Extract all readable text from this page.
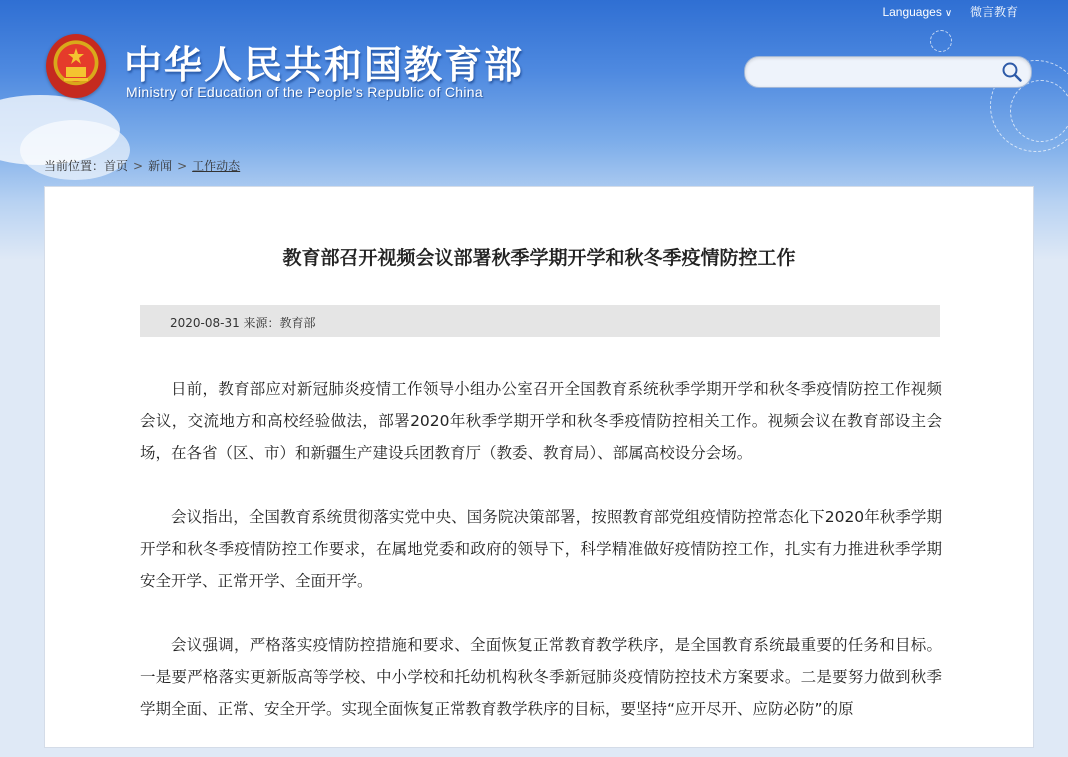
中华人民共和国教育部
Ministry of Education of the People's Republic of China
Languages ∨ 微言教育
当前位置：首页 > 新闻 > 工作动态
教育部召开视频会议部署秋季学期开学和秋冬季疫情防控工作
2020-08-31 来源：教育部

日前，教育部应对新冠肺炎疫情工作领导小组办公室召开全国教育系统秋季学期开学和秋冬季疫情防控工作视频会议，交流地方和高校经验做法，部署2020年秋季学期开学和秋冬季疫情防控相关工作。视频会议在教育部设主会场，在各省（区、市）和新疆生产建设兵团教育厅（教委、教育局）、部属高校设分会场。

会议指出，全国教育系统贯彻落实党中央、国务院决策部署，按照教育部党组疫情防控常态化下2020年秋季学期开学和秋冬季疫情防控工作要求，在属地党委和政府的领导下，科学精准做好疫情防控工作，扎实有力推进秋季学期安全开学、正常开学、全面开学。

会议强调，严格落实疫情防控措施和要求、全面恢复正常教育教学秩序，是全国教育系统最重要的任务和目标。一是要严格落实更新版高等学校、中小学校和托幼机构秋冬季新冠肺炎疫情防控技术方案要求。二是要努力做到秋季学期全面、正常、安全开学。实现全面恢复正常教育教学秩序的目标，要坚持“应开尽开、应防必防”的原
